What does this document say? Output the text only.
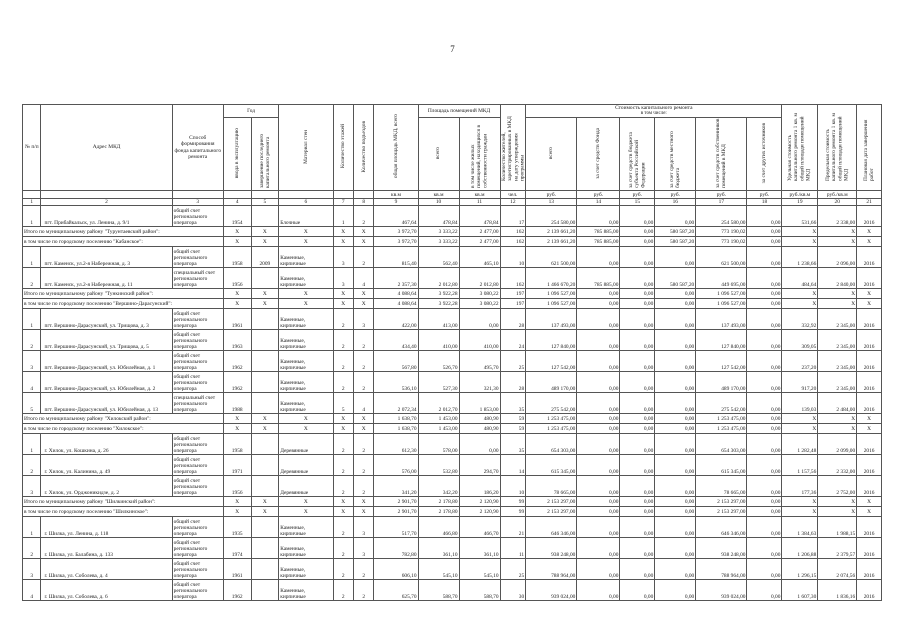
7
№ п/п	Адрес МКД	Способ формирования фонда капитального ремонта	Год		Материал стен	Количество этажей	Количество подъездов	общая площадь МКД, всего	Площадь помещений МКД		Количество жителей, зарегистрированных в МКД на дату утверждения программы	Стоимость капитального ремонта
в том числе:						Удельная стоимость капитального ремонта 1 кв. м общей площади помещений МКД	Предельная стоимость капитального ремонта 1 кв. м общей площади помещений МКД	Плановая дата завершения работ
			ввода в эксплуатацию	завершение последнего капитального ремонта					всего	в том числе жилых помещений, находящихся в собственности граждан		всего	за счет средств Фонда	за счет средств бюджета субъекта Российской Федерации	за счет средств местного бюджета	за счет средств собственников помещений в МКД	за счет других источников			
								кв.м	кв.м	кв.м	чел.	руб.	руб.	руб.	руб.	руб.	руб.	руб./кв.м	руб./кв.м	
1	2	3	4	5	6	7	8	9	10	11	12	13	14	15	16	17	18	19	20	21
1	пгт. Прибайкальск, ул. Ленина, д. 9/1	общий счет регионального оператора	1954		Блочные	1	2	467,64	478,84	478,84	17	254 580,00	0,00	0,00	0,00	254 580,00	0,00	531,66	2 338,00	2016
Итого по муниципальному району "Турунтаевский район":			X	X	X	X	X	3 972,70	3 333,22	2 477,00	162	2 139 661,20	785 885,00	0,00	580 587,20	773 190,02	0,00	X	X	X
в том числе по городскому поселению "Кабанское":			X	X	X	X	X	3 972,70	3 333,22	2 477,00	162	2 139 661,20	785 885,00	0,00	580 587,20	773 190,02	0,00	X	X	X
1	пгт. Каменск, ул.2-я Набережная, д. 3	общий счет регионального оператора	1958	2009	Каменные, кирпичные	3	2	815,40	562,40	465,10	10	621 500,00	0,00	0,00	0,00	621 500,00	0,00	1 238,66	2 096,00	2016
2	пгт. Каменск, ул.2-я Набережная, д. 11	специальный счет регионального оператора	1956		Каменные, кирпичные	3	4	2 357,30	2 012,80	2 012,80	162	1 466 670,20	785 885,00	0,00	580 587,20	449 695,00	0,00	484,64	2 840,00	2016
Итого по муниципальному району "Тункинский район":			X	X	X	X	X	4 088,64	3 922,28	3 080,22	197	1 096 527,00	0,00	0,00	0,00	1 096 527,00	0,00	X	X	X
в том числе по городскому поселению "Вершино-Дарасунский":			X	X	X	X	X	4 088,64	3 922,28	3 080,22	197	1 096 527,00	0,00	0,00	0,00	1 096 527,00	0,00	X	X	X
1	пгт. Вершино-Дарасунский, ул. Трищова, д. 3	общий счет регионального оператора	1961		Каменные, кирпичные	2	3	422,00	413,00	0,00	28	137 493,00	0,00	0,00	0,00	137 493,00	0,00	332,92	2 345,00	2016
2	пгт. Вершино-Дарасунский, ул. Трищова, д. 5	общий счет регионального оператора	1963		Каменные, кирпичные	2	2	434,40	410,00	410,00	24	127 840,00	0,00	0,00	0,00	127 840,00	0,00	309,05	2 345,00	2016
3	пгт. Вершино-Дарасунский, ул. Юбилейная, д. 1	общий счет регионального оператора	1962		Каменные, кирпичные	2	2	567,80	526,70	495,70	25	127 542,00	0,00	0,00	0,00	127 542,00	0,00	237,20	2 345,00	2016
4	пгт. Вершино-Дарасунский, ул. Юбилейная, д. 2	общий счет регионального оператора	1962		Каменные, кирпичные	2	2	536,10	527,30	321,30	28	489 170,00	0,00	0,00	0,00	489 170,00	0,00	917,20	2 345,00	2016
5	пгт. Вершино-Дарасунский, ул. Юбилейная, д. 13	специальный счет регионального оператора	1988		Каменные, кирпичные	5	4	2 072,34	2 012,70	1 853,00	35	275 542,00	0,00	0,00	0,00	275 542,00	0,00	139,03	2 484,00	2016
Итого по муниципальному району "Хилокский район":			X	X	X	X	X	1 638,70	1 453,00	480,90	59	1 253 475,00	0,00	0,00	0,00	1 253 475,00	0,00	X	X	X
в том числе по городскому поселению "Хилокское":			X	X	X	X	X	1 638,70	1 453,00	480,90	59	1 253 475,00	0,00	0,00	0,00	1 253 475,00	0,00	X	X	X
1	г. Хилок, ул. Кошкина, д. 26	общий счет регионального оператора	1958		Деревянные	2	2	612,30	578,00	0,00	35	654 303,00	0,00	0,00	0,00	654 303,00	0,00	1 282,48	2 099,00	2016
2	г. Хилок, ул. Калинина, д. 49	общий счет регионального оператора	1971		Деревянные	2	2	576,00	532,80	294,70	14	615 345,00	0,00	0,00	0,00	615 345,00	0,00	1 157,56	2 332,00	2016
3	г. Хилок, ул. Орджоникидзе, д. 2	общий счет регионального оператора	1956		Деревянные	2	2	341,20	342,20	186,20	10	78 665,00	0,00	0,00	0,00	78 665,00	0,00	177,36	2 752,00	2016
Итого по муниципальному району "Шилкинский район":			X	X	X	X	X	2 901,70	2 178,80	2 120,90	99	2 153 297,00	0,00	0,00	0,00	2 153 297,00	0,00	X	X	X
в том числе по городскому поселению "Шилкинское":			X	X	X	X	X	2 901,70	2 178,80	2 120,90	99	2 153 297,00	0,00	0,00	0,00	2 153 297,00	0,00	X	X	X
1	г. Шилка, ул. Ленина, д. 118	общий счет регионального оператора	1935		Каменные, кирпичные	2	3	517,70	466,80	466,70	21	646 346,00	0,00	0,00	0,00	646 346,00	0,00	1 384,63	1 988,15	2016
2	г. Шилка, ул. Балабина, д. 133	общий счет регионального оператора	1974		Каменные, кирпичные	2	3	782,80	361,10	361,10	11	938 248,00	0,00	0,00	0,00	938 248,00	0,00	1 206,88	2 379,57	2016
3	г. Шилка, ул. Соболева, д. 4	общий счет регионального оператора	1961		Каменные, кирпичные	2	2	606,10	545,10	545,10	25	788 964,00	0,00	0,00	0,00	788 964,00	0,00	1 296,15	2 074,56	2016
4	г. Шилка, ул. Соболева, д. 6	общий счет регионального оператора	1962		Каменные, кирпичные	2	2	625,70	588,70	588,70	30	939 024,00	0,00	0,00	0,00	939 024,00	0,00	1 607,30	1 836,16	2016
